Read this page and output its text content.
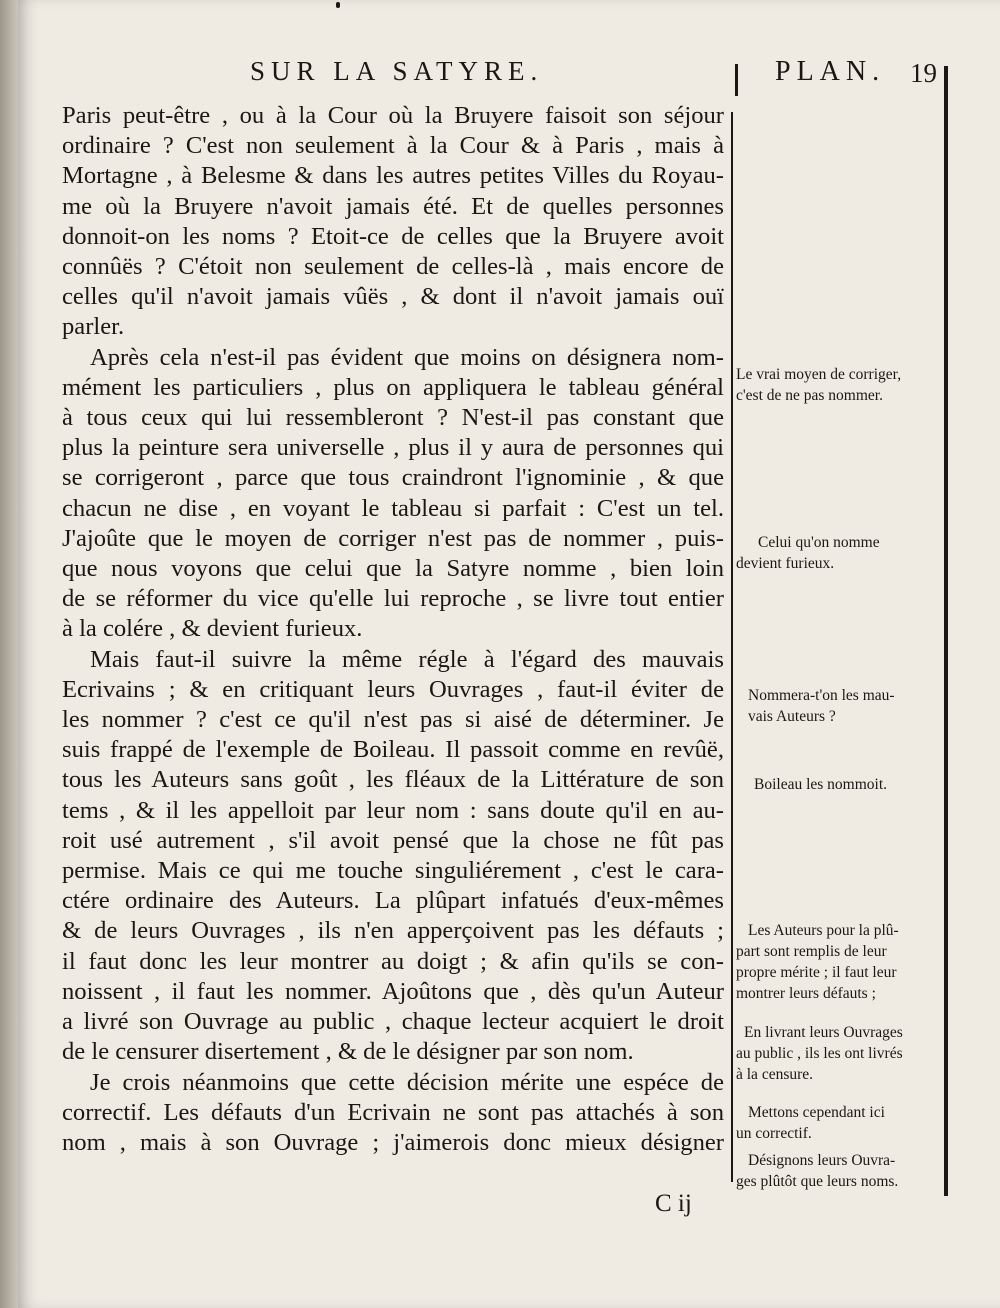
SUR LA SATYRE.	PLAN. 19

Paris peut-être , ou à la Cour où la Bruyere faisoit son séjour

ordinaire ? C'est non seulement à la Cour & à Paris , mais à

Mortagne , à Belesme & dans les autres petites Villes du Royau-

me où la Bruyere n'avoit jamais été. Et de quelles personnes

donnoit-on les noms ? Etoit-ce de celles que la Bruyere avoit

connûës ? C'étoit non seulement de celles-là , mais encore de

celles qu'il n'avoit jamais vûës , & dont il n'avoit jamais ouï

parler.

Après cela n'est-il pas évident que moins on désignera nom-

mément les particuliers , plus on appliquera le tableau général

à tous ceux qui lui ressembleront ? N'est-il pas constant que

plus la peinture sera universelle , plus il y aura de personnes qui

se corrigeront , parce que tous craindront l'ignominie , & que

chacun ne dise , en voyant le tableau si parfait : C'est un tel.

J'ajoûte que le moyen de corriger n'est pas de nommer , puis-

que nous voyons que celui que la Satyre nomme , bien loin

de se réformer du vice qu'elle lui reproche , se livre tout entier

à la colére , & devient furieux.

Mais faut-il suivre la même régle à l'égard des mauvais

Ecrivains ; & en critiquant leurs Ouvrages , faut-il éviter de

les nommer ? c'est ce qu'il n'est pas si aisé de déterminer. Je

suis frappé de l'exemple de Boileau. Il passoit comme en revûë,

tous les Auteurs sans goût , les fléaux de la Littérature de son

tems , & il les appelloit par leur nom : sans doute qu'il en au-

roit usé autrement , s'il avoit pensé que la chose ne fût pas

permise. Mais ce qui me touche singuliérement , c'est le cara-

ctére ordinaire des Auteurs. La plûpart infatués d'eux-mêmes

& de leurs Ouvrages , ils n'en apperçoivent pas les défauts ;

il faut donc les leur montrer au doigt ; & afin qu'ils se con-

noissent , il faut les nommer. Ajoûtons que , dès qu'un Auteur

a livré son Ouvrage au public , chaque lecteur acquiert le droit

de le censurer disertement , & de le désigner par son nom.

Je crois néanmoins que cette décision mérite une espéce de

correctif. Les défauts d'un Ecrivain ne sont pas attachés à son

nom , mais à son Ouvrage ; j'aimerois donc mieux désigner

Le vrai moyen de corriger,
c'est de ne pas nommer.
Celui qu'on nomme
devient furieux.
Nommera-t'on les mau-
vais Auteurs ?
Boileau les nommoit.
Les Auteurs pour la plû-
part sont remplis de leur
propre mérite ; il faut leur
montrer leurs défauts ;
En livrant leurs Ouvrages
au public , ils les ont livrés
à la censure.
Mettons cependant ici
un correctif.
Désignons leurs Ouvra-
ges plûtôt que leurs noms.
C ij
